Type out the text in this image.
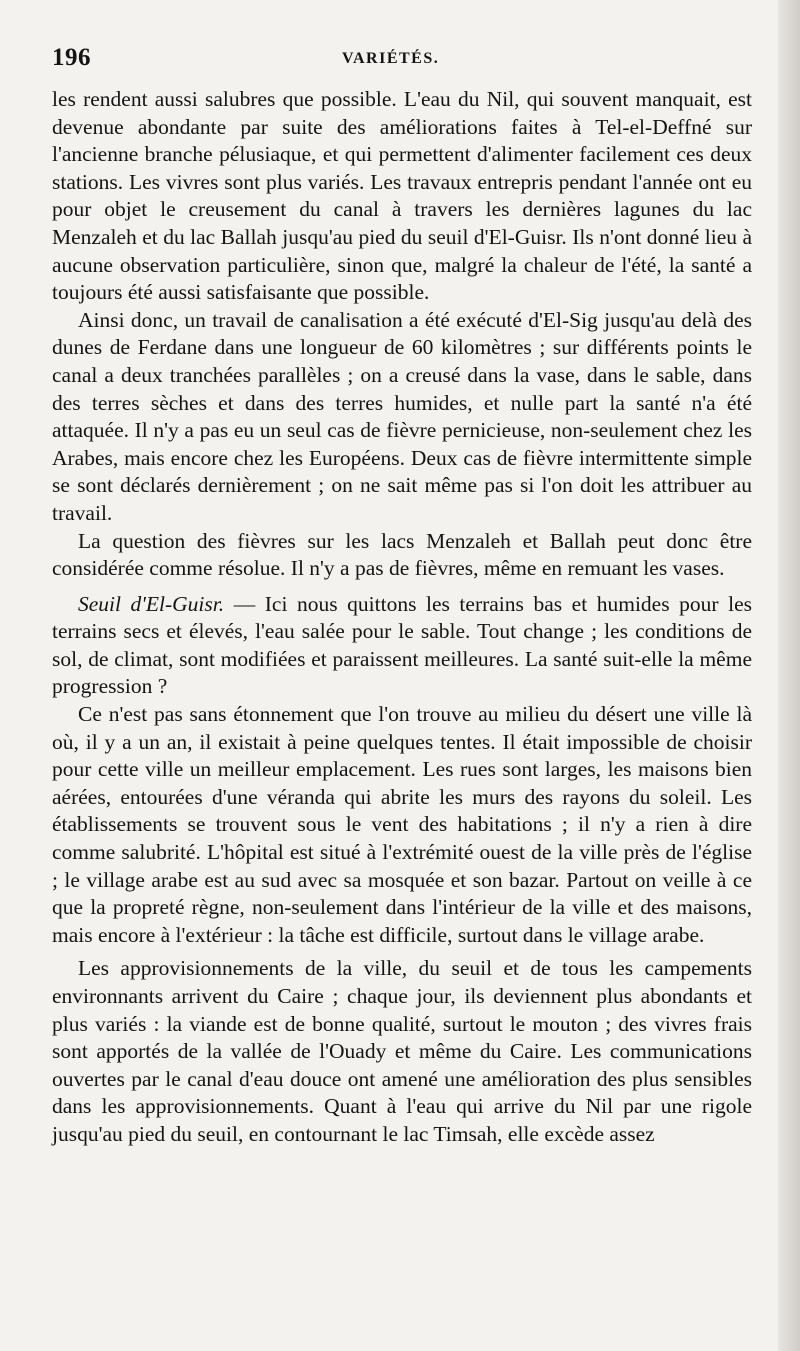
196	VARIÉTÉS.

les rendent aussi salubres que possible. L'eau du Nil, qui souvent manquait, est devenue abondante par suite des améliorations faites à Tel-el-Deffné sur l'ancienne branche pélusiaque, et qui permettent d'alimenter facilement ces deux stations. Les vivres sont plus variés. Les travaux entrepris pendant l'année ont eu pour objet le creusement du canal à travers les dernières lagunes du lac Menzaleh et du lac Ballah jusqu'au pied du seuil d'El-Guisr. Ils n'ont donné lieu à aucune observation particulière, sinon que, malgré la chaleur de l'été, la santé a toujours été aussi satisfaisante que possible.

Ainsi donc, un travail de canalisation a été exécuté d'El-Sig jusqu'au delà des dunes de Ferdane dans une longueur de 60 kilomètres ; sur différents points le canal a deux tranchées parallèles ; on a creusé dans la vase, dans le sable, dans des terres sèches et dans des terres humides, et nulle part la santé n'a été attaquée. Il n'y a pas eu un seul cas de fièvre pernicieuse, non-seulement chez les Arabes, mais encore chez les Européens. Deux cas de fièvre intermittente simple se sont déclarés dernièrement ; on ne sait même pas si l'on doit les attribuer au travail.

La question des fièvres sur les lacs Menzaleh et Ballah peut donc être considérée comme résolue. Il n'y a pas de fièvres, même en remuant les vases.

Seuil d'El-Guisr. — Ici nous quittons les terrains bas et humides pour les terrains secs et élevés, l'eau salée pour le sable. Tout change ; les conditions de sol, de climat, sont modifiées et paraissent meilleures. La santé suit-elle la même progression ?

Ce n'est pas sans étonnement que l'on trouve au milieu du désert une ville là où, il y a un an, il existait à peine quelques tentes. Il était impossible de choisir pour cette ville un meilleur emplacement. Les rues sont larges, les maisons bien aérées, entourées d'une véranda qui abrite les murs des rayons du soleil. Les établissements se trouvent sous le vent des habitations ; il n'y a rien à dire comme salubrité. L'hôpital est situé à l'extrémité ouest de la ville près de l'église ; le village arabe est au sud avec sa mosquée et son bazar. Partout on veille à ce que la propreté règne, non-seulement dans l'intérieur de la ville et des maisons, mais encore à l'extérieur : la tâche est difficile, surtout dans le village arabe.

Les approvisionnements de la ville, du seuil et de tous les campements environnants arrivent du Caire ; chaque jour, ils deviennent plus abondants et plus variés : la viande est de bonne qualité, surtout le mouton ; des vivres frais sont apportés de la vallée de l'Ouady et même du Caire. Les communications ouvertes par le canal d'eau douce ont amené une amélioration des plus sensibles dans les approvisionnements. Quant à l'eau qui arrive du Nil par une rigole jusqu'au pied du seuil, en contournant le lac Timsah, elle excède assez
